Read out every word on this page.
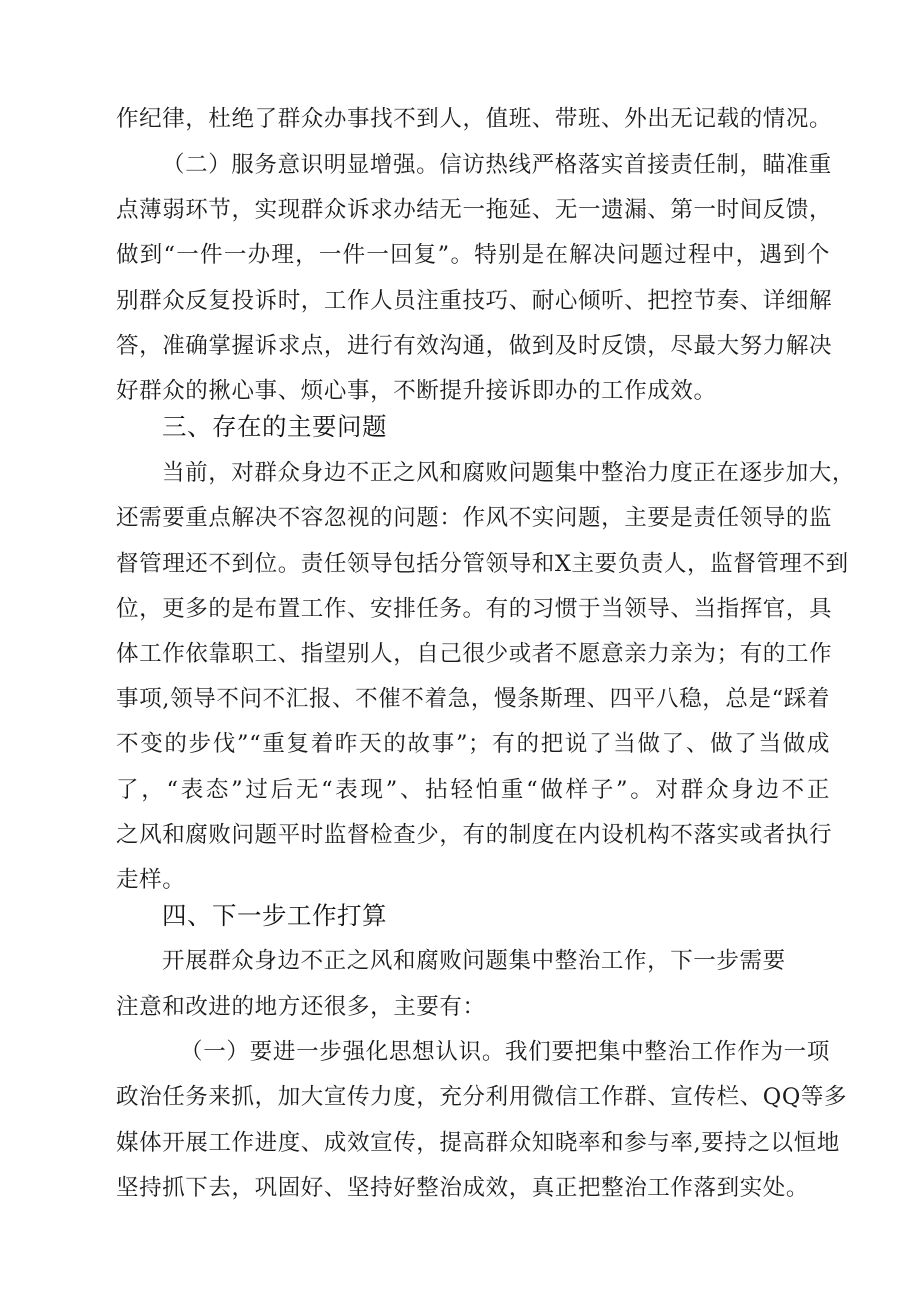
作纪律，杜绝了群众办事找不到人，值班、带班、外出无记载的情况。
（二）服务意识明显增强。信访热线严格落实首接责任制，瞄准重
点薄弱环节，实现群众诉求办结无一拖延、无一遗漏、第一时间反馈，
做到“一件一办理，一件一回复”。特别是在解决问题过程中，遇到个
别群众反复投诉时，工作人员注重技巧、耐心倾听、把控节奏、详细解
答，准确掌握诉求点，进行有效沟通，做到及时反馈，尽最大努力解决
好群众的揪心事、烦心事，不断提升接诉即办的工作成效。
三、存在的主要问题
当前，对群众身边不正之风和腐败问题集中整治力度正在逐步加大，
还需要重点解决不容忽视的问题：作风不实问题，主要是责任领导的监
督管理还不到位。责任领导包括分管领导和X主要负责人，监督管理不到
位，更多的是布置工作、安排任务。有的习惯于当领导、当指挥官，具
体工作依靠职工、指望别人，自己很少或者不愿意亲力亲为；有的工作
事项,领导不问不汇报、不催不着急，慢条斯理、四平八稳，总是“踩着
不变的步伐”“重复着昨天的故事”；有的把说了当做了、做了当做成
了，“表态”过后无“表现”、拈轻怕重“做样子”。对群众身边不正
之风和腐败问题平时监督检查少，有的制度在内设机构不落实或者执行
走样。
四、下一步工作打算
开展群众身边不正之风和腐败问题集中整治工作，下一步需要
注意和改进的地方还很多，主要有：
（一）要进一步强化思想认识。我们要把集中整治工作作为一项
政治任务来抓，加大宣传力度，充分利用微信工作群、宣传栏、QQ等多
媒体开展工作进度、成效宣传，提高群众知晓率和参与率,要持之以恒地
坚持抓下去，巩固好、坚持好整治成效，真正把整治工作落到实处。
